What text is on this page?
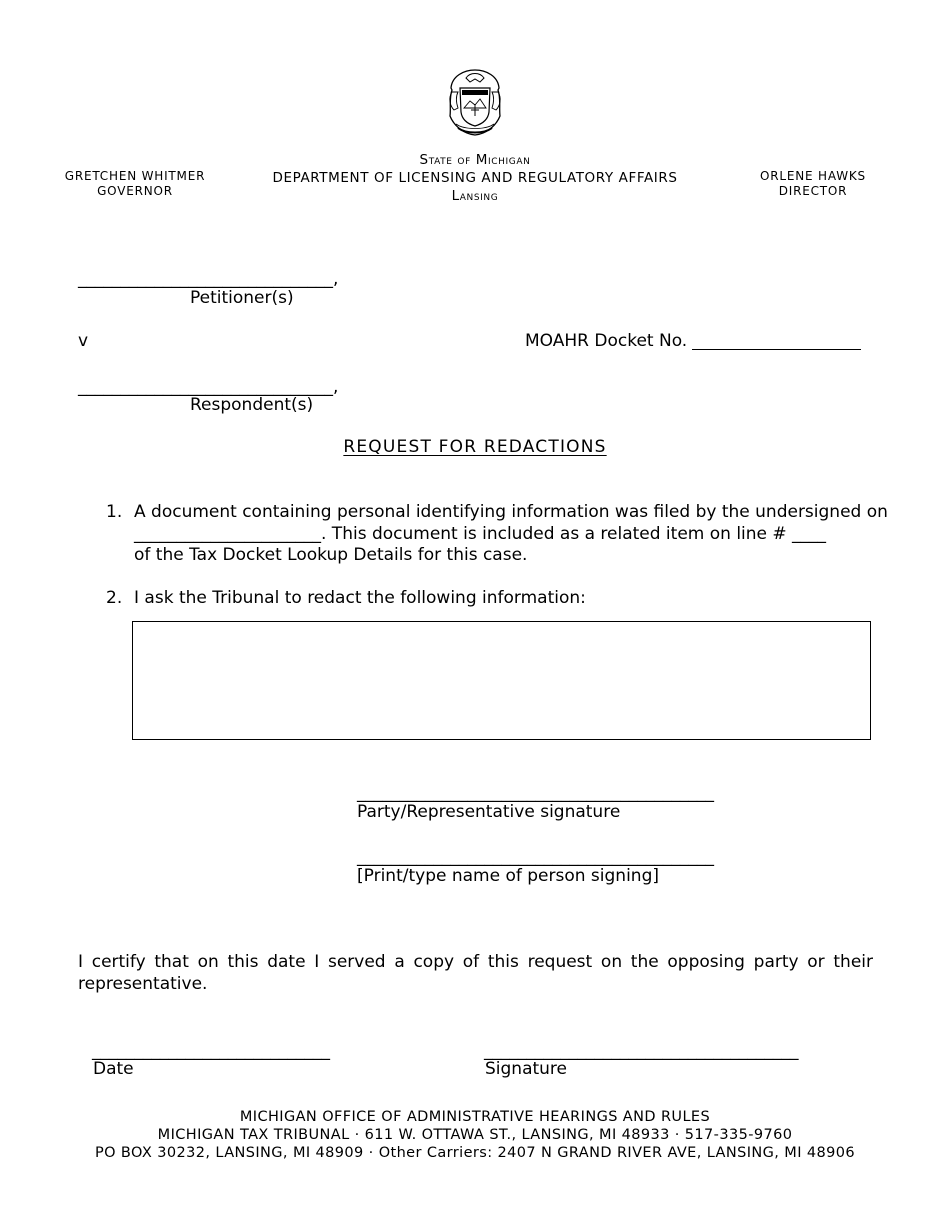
GRETCHEN WHITMER
GOVERNOR
ORLENE HAWKS
DIRECTOR
State of Michigan
DEPARTMENT OF LICENSING AND REGULATORY AFFAIRS
Lansing
______________________________,
Petitioner(s)
v	MOAHR Docket No.
______________________________,
Respondent(s)
REQUEST FOR REDACTIONS
1. A document containing personal identifying information was filed by the undersigned on
______________________. This document is included as a related item on line # ____
of the Tax Docket Lookup Details for this case.
2. I ask the Tribunal to redact the following information:
__________________________________________
Party/Representative signature
__________________________________________
[Print/type name of person signing]
I certify that on this date I served a copy of this request on the opposing party or their representative.
____________________________
Date
_____________________________________
Signature
MICHIGAN OFFICE OF ADMINISTRATIVE HEARINGS AND RULES
MICHIGAN TAX TRIBUNAL · 611 W. OTTAWA ST., LANSING, MI 48933 · 517-335-9760
PO BOX 30232, LANSING, MI 48909 · Other Carriers: 2407 N GRAND RIVER AVE, LANSING, MI 48906
